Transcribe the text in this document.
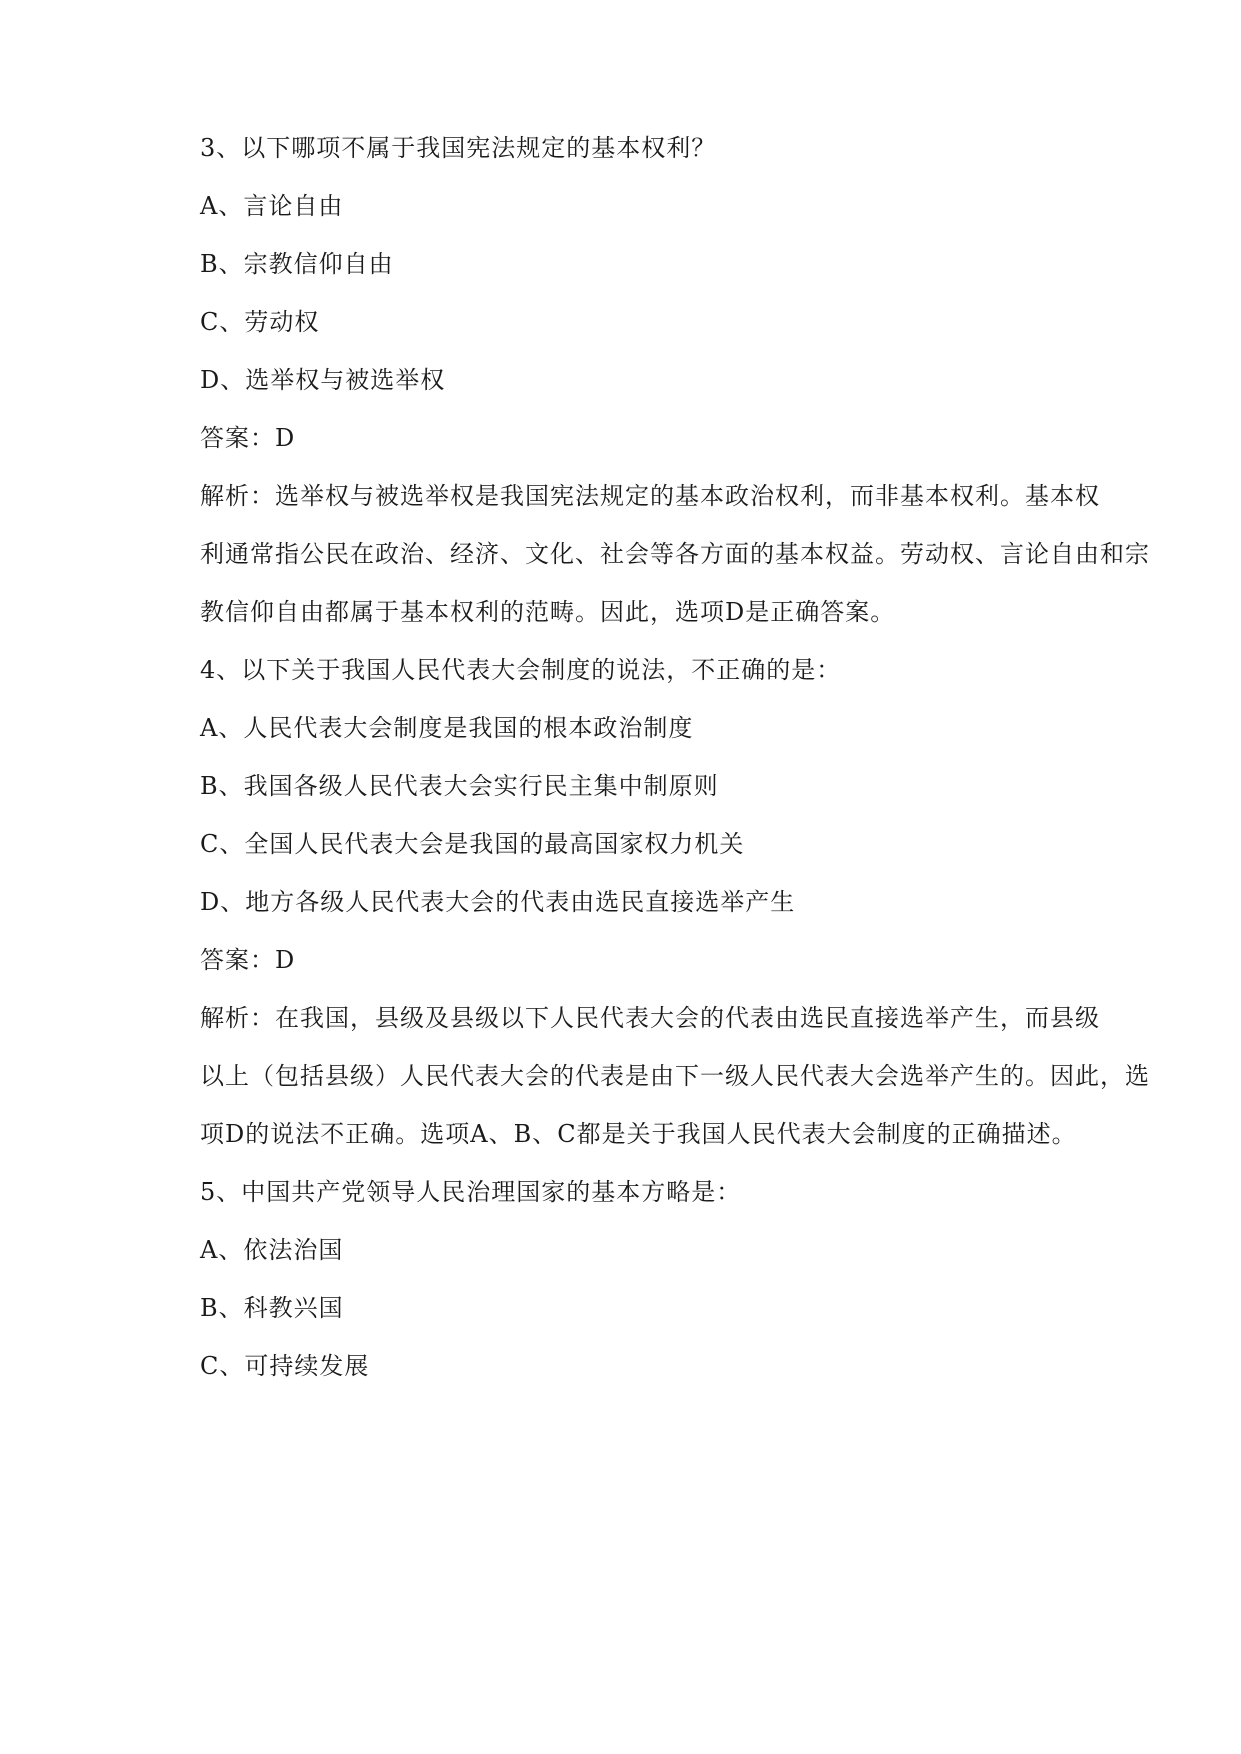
3、以下哪项不属于我国宪法规定的基本权利？
A、言论自由
B、宗教信仰自由
C、劳动权
D、选举权与被选举权
答案：D
解析：选举权与被选举权是我国宪法规定的基本政治权利，而非基本权利。基本权
利通常指公民在政治、经济、文化、社会等各方面的基本权益。劳动权、言论自由和宗
教信仰自由都属于基本权利的范畴。因此，选项D是正确答案。
4、以下关于我国人民代表大会制度的说法，不正确的是：
A、人民代表大会制度是我国的根本政治制度
B、我国各级人民代表大会实行民主集中制原则
C、全国人民代表大会是我国的最高国家权力机关
D、地方各级人民代表大会的代表由选民直接选举产生
答案：D
解析：在我国，县级及县级以下人民代表大会的代表由选民直接选举产生，而县级
以上（包括县级）人民代表大会的代表是由下一级人民代表大会选举产生的。因此，选
项D的说法不正确。选项A、B、C都是关于我国人民代表大会制度的正确描述。
5、中国共产党领导人民治理国家的基本方略是：
A、依法治国
B、科教兴国
C、可持续发展
